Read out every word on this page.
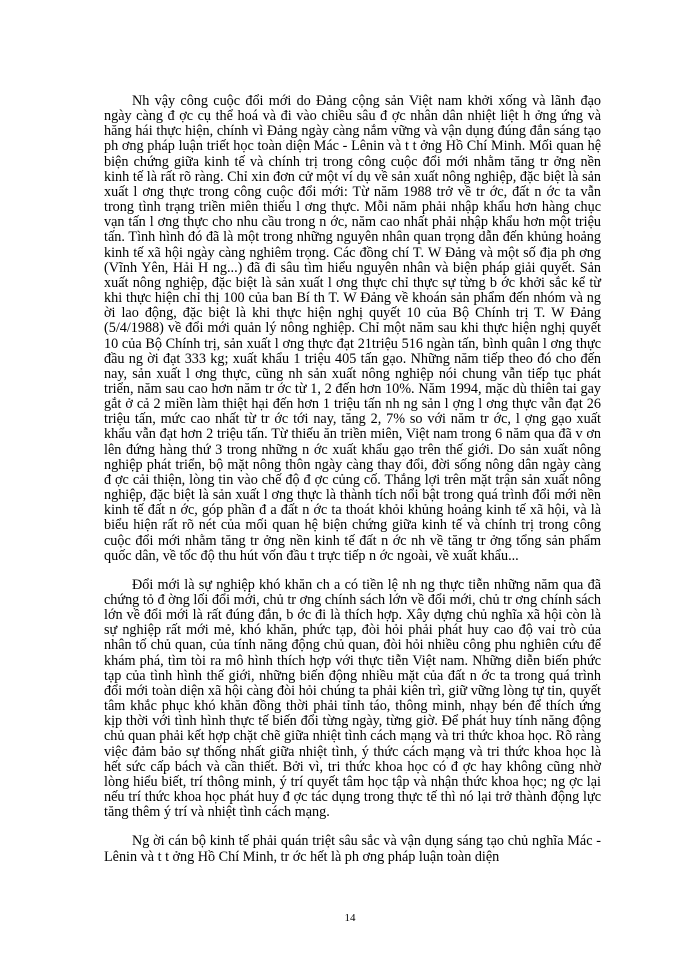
Nh vậy công cuộc đổi mới do Đảng cộng sản Việt nam khởi xống và lãnh đạo ngày càng đ ợc cụ thể hoá và đi vào chiều sâu đ ợc nhân dân nhiệt liệt h ởng ứng và hăng hái thực hiện, chính vì Đảng ngày càng nắm vững và vận dụng đúng đắn sáng tạo ph ơng pháp luận triết học toàn diện Mác - Lênin và t t ởng Hồ Chí Minh. Mối quan hệ biện chứng giữa kinh tế và chính trị trong công cuộc đổi mới nhằm tăng tr ởng nền kinh tế là rất rõ ràng. Chỉ xin đơn cử một ví dụ về sản xuất nông nghiệp, đặc biệt là sản xuất l ơng thực trong công cuộc đổi mới: Từ năm 1988 trở về tr ớc, đất n ớc ta vẫn trong tình trạng triền miên thiếu l ơng thực. Mỗi năm phải nhập khẩu hơn hàng chục vạn tấn l ơng thực cho nhu cầu trong n ớc, năm cao nhất phải nhập khẩu hơn một triệu tấn. Tình hình đó đã là một trong những nguyên nhân quan trọng dẫn đến khủng hoảng kinh tế xã hội ngày càng nghiêm trọng. Các đồng chí T. W Đảng và một số địa ph ơng (Vĩnh Yên, Hải H ng...) đã đi sâu tìm hiểu nguyên nhân và biện pháp giải quyết. Sản xuất nông nghiệp, đặc biệt là sản xuất l ơng thực chỉ thực sự từng b ớc khởi sắc kể từ khi thực hiện chỉ thị 100 của ban Bí th T. W Đảng về khoán sản phẩm đến nhóm và ng ời lao động, đặc biệt là khi thực hiện nghị quyết 10 của Bộ Chính trị T. W Đảng (5/4/1988) về đổi mới quản lý nông nghiệp. Chỉ một năm sau khi thực hiện nghị quyết 10 của Bộ Chính trị, sản xuất l ơng thực đạt 21triệu 516 ngàn tấn, bình quân l ơng thực đầu ng ời đạt 333 kg; xuất khẩu 1 triệu 405 tấn gạo. Những năm tiếp theo đó cho đến nay, sản xuất l ơng thực, cũng nh sản xuất nông nghiệp nói chung vẫn tiếp tục phát triển, năm sau cao hơn năm tr ớc từ 1, 2 đến hơn 10%. Năm 1994, mặc dù thiên tai gay gắt ở cả 2 miền làm thiệt hại đến hơn 1 triệu tấn nh ng sản l ợng l ơng thực vẫn đạt 26 triệu tấn, mức cao nhất từ tr ớc tới nay, tăng 2, 7% so với năm tr ớc, l ợng gạo xuất khẩu vẫn đạt hơn 2 triệu tấn. Từ thiếu ăn triền miên, Việt nam trong 6 năm qua đã v ơn lên đứng hàng thứ 3 trong những n ớc xuất khẩu gạo trên thế giới. Do sản xuất nông nghiệp phát triển, bộ mặt nông thôn ngày càng thay đổi, đời sống nông dân ngày càng đ ợc cải thiện, lòng tin vào chế độ đ ợc củng cố. Thắng lợi trên mặt trận sản xuất nông nghiệp, đặc biệt là sản xuất l ơng thực là thành tích nổi bật trong quá trình đổi mới nền kinh tế đất n ớc, góp phần đ a đất n ớc ta thoát khỏi khủng hoảng kinh tế xã hội, và là biểu hiện rất rõ nét của mối quan hệ biện chứng giữa kinh tế và chính trị trong công cuộc đổi mới nhằm tăng tr ởng nền kinh tế đất n ớc nh về tăng tr ởng tổng sản phẩm quốc dân, về tốc độ thu hút vốn đầu t trực tiếp n ớc ngoài, về xuất khẩu...

Đổi mới là sự nghiệp khó khăn ch a có tiền lệ nh ng thực tiễn những năm qua đã chứng tỏ đ ờng lối đổi mới, chủ tr ơng chính sách lớn về đổi mới, chủ tr ơng chính sách lớn về đổi mới là rất đúng đắn, b ớc đi là thích hợp. Xây dựng chủ nghĩa xã hội còn là sự nghiệp rất mới mẻ, khó khăn, phức tạp, đòi hỏi phải phát huy cao độ vai trò của nhân tố chủ quan, của tính năng động chủ quan, đòi hỏi nhiều công phu nghiên cứu để khám phá, tìm tòi ra mô hình thích hợp với thực tiễn Việt nam. Những diễn biến phức tạp của tình hình thế giới, những biến động nhiều mặt của đất n ớc ta trong quá trình đổi mới toàn diện xã hội càng đòi hỏi chúng ta phải kiên trì, giữ vững lòng tự tin, quyết tâm khắc phục khó khăn đồng thời phải tỉnh táo, thông minh, nhạy bén để thích ứng kịp thời với tình hình thực tế biến đổi từng ngày, từng giờ. Để phát huy tính năng động chủ quan phải kết hợp chặt chẽ giữa nhiệt tình cách mạng và tri thức khoa học. Rõ ràng việc đảm bảo sự thống nhất giữa nhiệt tình, ý thức cách mạng và tri thức khoa học là hết sức cấp bách và cần thiết. Bởi vì, tri thức khoa học có đ ợc hay không cũng nhờ lòng hiểu biết, trí thông minh, ý trí quyết tâm học tập và nhận thức khoa học; ng ợc lại nếu trí thức khoa học phát huy đ ợc tác dụng trong thực tế thì nó lại trở thành động lực tăng thêm ý trí và nhiệt tình cách mạng.

Ng ời cán bộ kinh tế phải quán triệt sâu sắc và vận dụng sáng tạo chủ nghĩa Mác - Lênin và t t ởng Hồ Chí Minh, tr ớc hết là ph ơng pháp luận toàn diện

14
